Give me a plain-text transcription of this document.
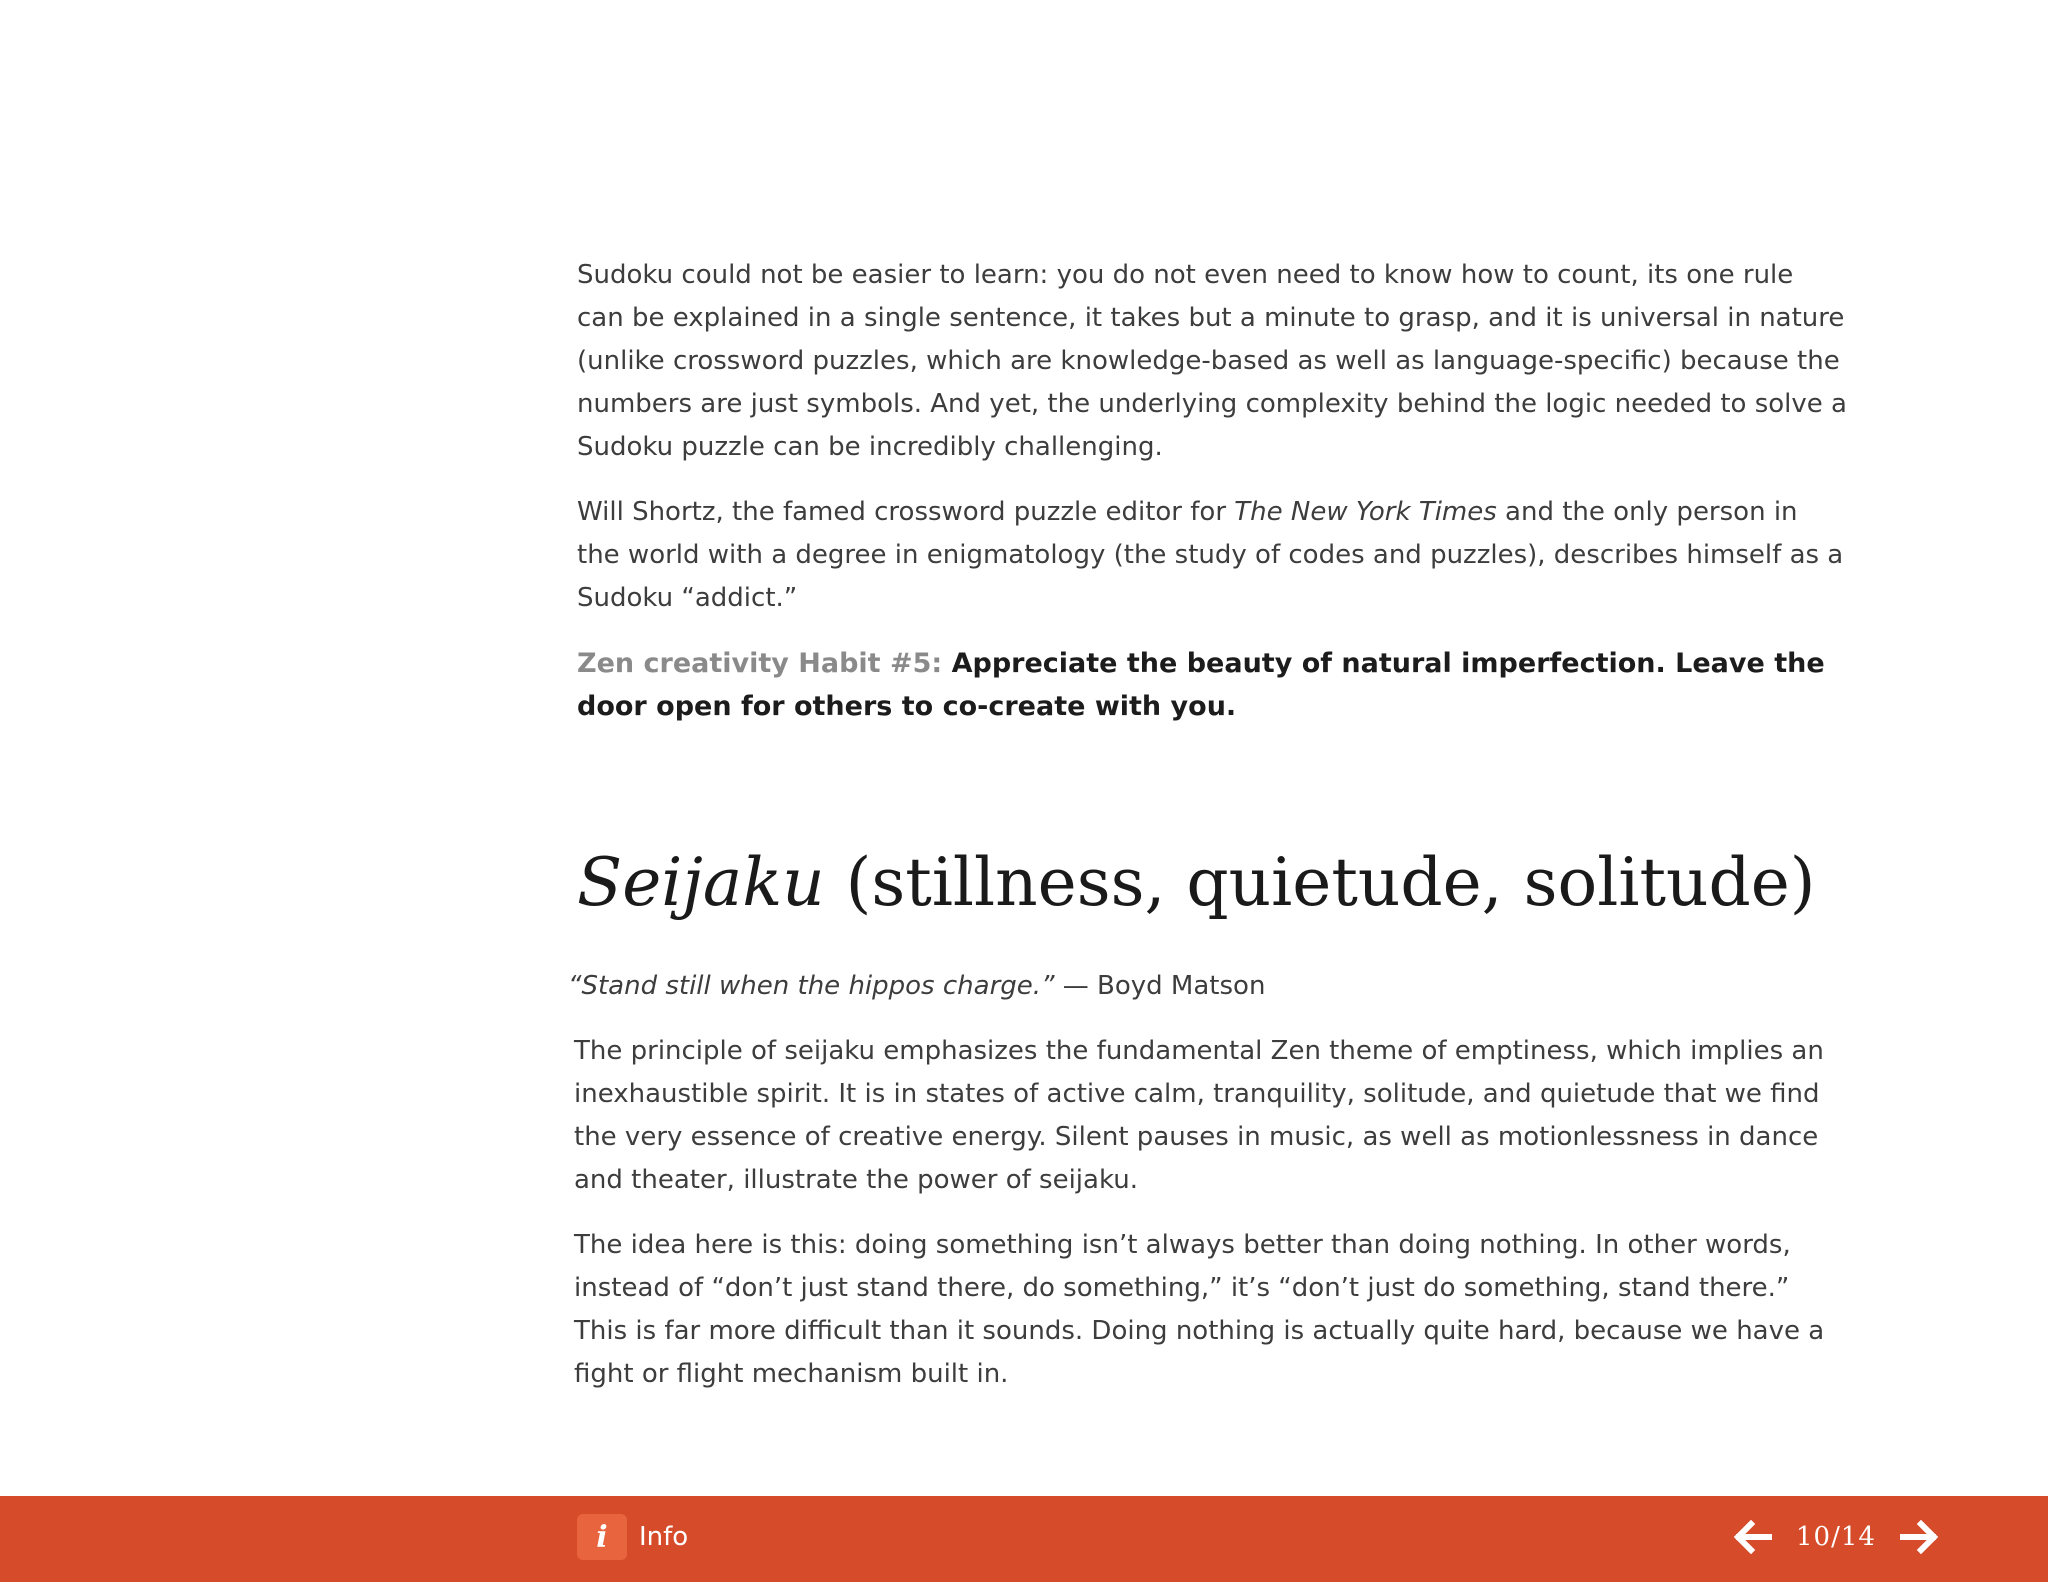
Sudoku could not be easier to learn: you do not even need to know how to count, its one rule can be explained in a single sentence, it takes but a minute to grasp, and it is universal in nature (unlike crossword puzzles, which are knowledge-based as well as language-specific) because the numbers are just symbols. And yet, the underlying complexity behind the logic needed to solve a Sudoku puzzle can be incredibly challenging.

Will Shortz, the famed crossword puzzle editor for The New York Times and the only person in the world with a degree in enigmatology (the study of codes and puzzles), describes himself as a Sudoku “addict.”

Zen creativity Habit #5: Appreciate the beauty of natural imperfection. Leave the door open for others to co-create with you.

Seijaku (stillness, quietude, solitude)

“Stand still when the hippos charge.” — Boyd Matson

The principle of seijaku emphasizes the fundamental Zen theme of emptiness, which implies an inexhaustible spirit. It is in states of active calm, tranquility, solitude, and quietude that we find the very essence of creative energy. Silent pauses in music, as well as motionlessness in dance and theater, illustrate the power of seijaku.

The idea here is this: doing something isn’t always better than doing nothing. In other words, instead of “don’t just stand there, do something,” it’s “don’t just do something, stand there.” This is far more difficult than it sounds. Doing nothing is actually quite hard, because we have a fight or flight mechanism built in.

i	Info	10/14
